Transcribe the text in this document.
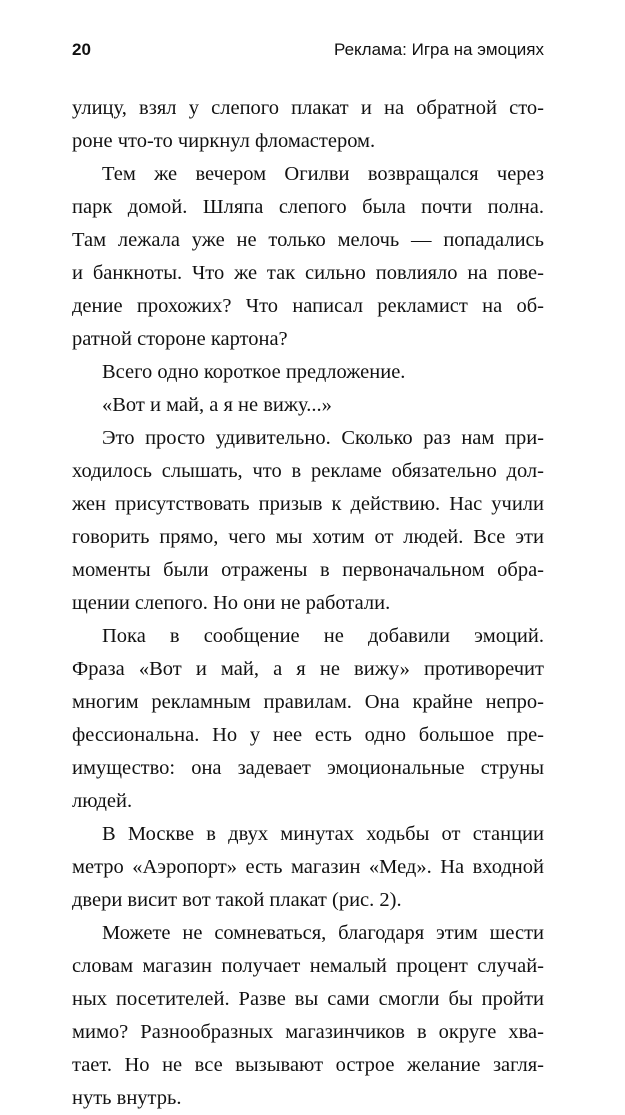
20	Реклама: Игра на эмоциях
улицу, взял у слепого плакат и на обратной сто-
роне что-то чиркнул фломастером.
Тем же вечером Огилви возвращался через
парк домой. Шляпа слепого была почти полна.
Там лежала уже не только мелочь — попадались
и банкноты. Что же так сильно повлияло на пове-
дение прохожих? Что написал рекламист на об-
ратной стороне картона?
Всего одно короткое предложение.
«Вот и май, а я не вижу...»
Это просто удивительно. Сколько раз нам при-
ходилось слышать, что в рекламе обязательно дол-
жен присутствовать призыв к действию. Нас учили
говорить прямо, чего мы хотим от людей. Все эти
моменты были отражены в первоначальном обра-
щении слепого. Но они не работали.
Пока в сообщение не добавили эмоций.
Фраза «Вот и май, а я не вижу» противоречит
многим рекламным правилам. Она крайне непро-
фессиональна. Но у нее есть одно большое пре-
имущество: она задевает эмоциональные струны
людей.
В Москве в двух минутах ходьбы от станции
метро «Аэропорт» есть магазин «Мед». На входной
двери висит вот такой плакат (рис. 2).
Можете не сомневаться, благодаря этим шести
словам магазин получает немалый процент случай-
ных посетителей. Разве вы сами смогли бы пройти
мимо? Разнообразных магазинчиков в округе хва-
тает. Но не все вызывают острое желание загля-
нуть внутрь.
